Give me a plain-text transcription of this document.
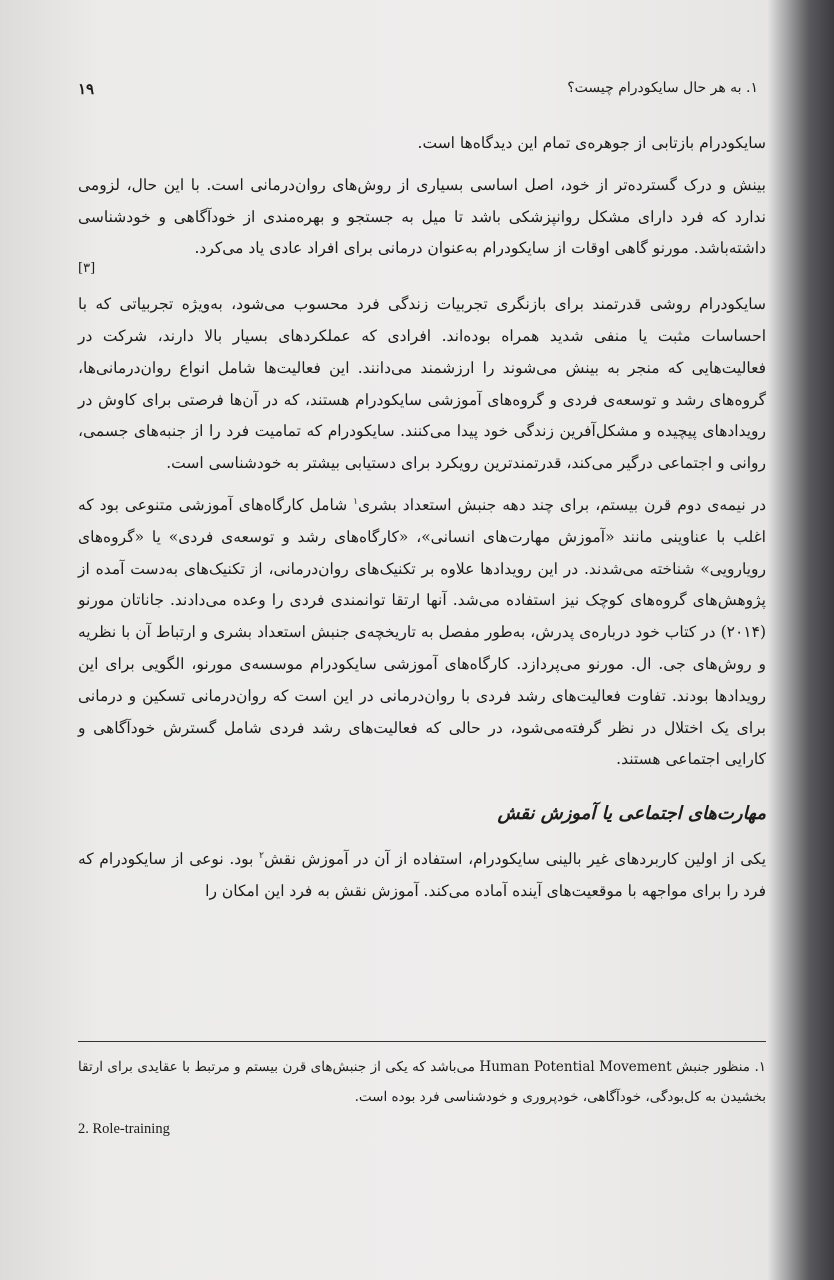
۱. به هر حال سایکودرام چیست؟
۱۹

سایکودرام بازتابی از جوهره‌ی تمام این دیدگاه‌ها است.

بینش و درک گسترده‌تر از خود، اصل اساسی بسیاری از روش‌های روان‌درمانی است. با این حال، لزومی ندارد که فرد دارای مشکل روانپزشکی باشد تا میل به جستجو و بهره‌مندی از خودآگاهی و خودشناسی داشته‌باشد. مورنو گاهی اوقات از سایکودرام به‌عنوان درمانی برای افراد عادی یاد می‌کرد.
[۳]

سایکودرام روشی قدرتمند برای بازنگری تجربیات زندگی فرد محسوب می‌شود، به‌ویژه تجربیاتی که با احساسات مثبت یا منفی شدید همراه بوده‌اند. افرادی که عملکردهای بسیار بالا دارند، شرکت در فعالیت‌هایی که منجر به بینش می‌شوند را ارزشمند می‌دانند. این فعالیت‌ها شامل انواع روان‌درمانی‌ها، گروه‌های رشد و توسعه‌ی فردی و گروه‌های آموزشی سایکودرام هستند، که در آن‌ها فرصتی برای کاوش در رویدادهای پیچیده و مشکل‌آفرین زندگی خود پیدا می‌کنند. سایکودرام که تمامیت فرد را از جنبه‌های جسمی، روانی و اجتماعی درگیر می‌کند، قدرتمندترین رویکرد برای دستیابی بیشتر به خودشناسی است.

در نیمه‌ی دوم قرن بیستم، برای چند دهه جنبش استعداد بشری$^۱$ شامل کارگاه‌های آموزشی متنوعی بود که اغلب با عناوینی مانند «آموزش مهارت‌های انسانی»، «کارگاه‌های رشد و توسعه‌ی فردی» یا «گروه‌های رویارویی» شناخته می‌شدند. در این رویدادها علاوه بر تکنیک‌های روان‌درمانی، از تکنیک‌های به‌دست آمده از پژوهش‌های گروه‌های کوچک نیز استفاده می‌شد. آنها ارتقا توانمندی فردی را وعده می‌دادند. جاناتان مورنو (۲۰۱۴) در کتاب خود درباره‌ی پدرش، به‌طور مفصل به تاریخچه‌ی جنبش استعداد بشری و ارتباط آن با نظریه و روش‌های جی. ال. مورنو می‌پردازد. کارگاه‌های آموزشی سایکودرام موسسه‌ی مورنو، الگویی برای این رویدادها بودند. تفاوت فعالیت‌های رشد فردی با روان‌درمانی در این است که روان‌درمانی تسکین و درمانی برای یک اختلال در نظر گرفته‌می‌شود، در حالی که فعالیت‌های رشد فردی شامل گسترش خودآگاهی و کارایی اجتماعی هستند.

مهارت‌های اجتماعی یا آموزش نقش

یکی از اولین کاربردهای غیر بالینی سایکودرام، استفاده از آن در آموزش نقش$^۲$ بود. نوعی از سایکودرام که فرد را برای مواجهه با موقعیت‌های آینده آماده می‌کند. آموزش نقش به فرد این امکان را

۱. منظور جنبش Human Potential Movement می‌باشد که یکی از جنبش‌های قرن بیستم و مرتبط با عقایدی برای ارتقا بخشیدن به کل‌بودگی، خودآگاهی، خودپروری و خودشناسی فرد بوده است.
2. Role-training
